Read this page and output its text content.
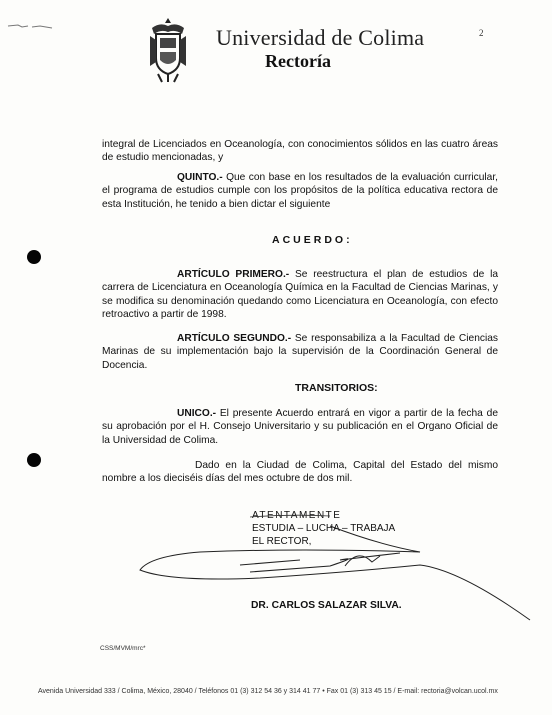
Universidad de Colima
Rectoría
2

integral de Licenciados en Oceanología, con conocimientos sólidos en las cuatro áreas de estudio mencionadas, y

QUINTO.- Que con base en los resultados de la evaluación curricular, el programa de estudios cumple con los propósitos de la política educativa rectora de esta Institución, he tenido a bien dictar el siguiente

ACUERDO:

ARTÍCULO PRIMERO.- Se reestructura el plan de estudios de la carrera de Licenciatura en Oceanología Química en la Facultad de Ciencias Marinas, y se modifica su denominación quedando como Licenciatura en Oceanología, con efecto retroactivo a partir de 1998.

ARTÍCULO SEGUNDO.- Se responsabiliza a la Facultad de Ciencias Marinas de su implementación bajo la supervisión de la Coordinación General de Docencia.

TRANSITORIOS:

UNICO.- El presente Acuerdo entrará en vigor a partir de la fecha de su aprobación por el H. Consejo Universitario y su publicación en el Organo Oficial de la Universidad de Colima.

Dado en la Ciudad de Colima, Capital del Estado del mismo nombre a los dieciséis días del mes octubre de dos mil.

ATENTAMENTE
ESTUDIA – LUCHA – TRABAJA
EL RECTOR,
DR. CARLOS SALAZAR SILVA.
CSS/MVM/mrc*
Avenida Universidad 333 / Colima, México, 28040 / Teléfonos 01 (3) 312 54 36 y 314 41 77 • Fax 01 (3) 313 45 15 / E-mail: rectoria@volcan.ucol.mx
